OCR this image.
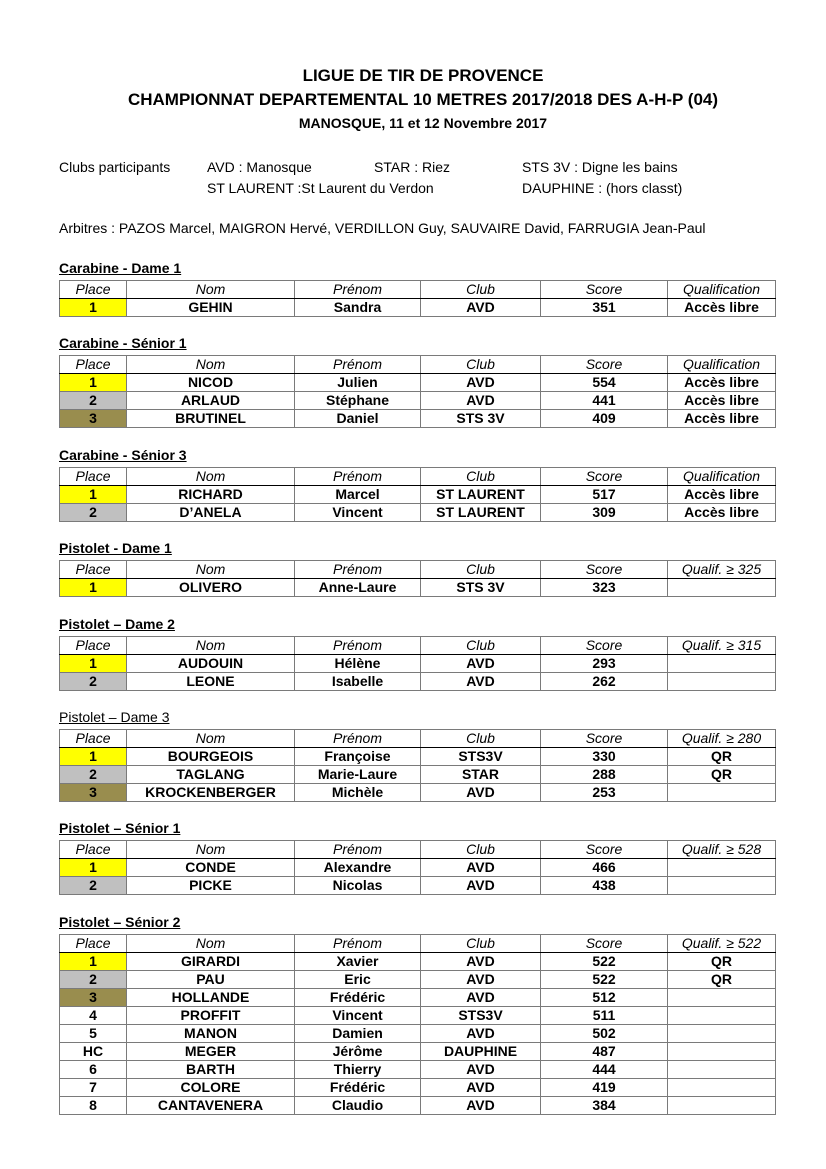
LIGUE DE TIR DE PROVENCE
CHAMPIONNAT DEPARTEMENTAL 10 METRES 2017/2018 DES A-H-P (04)
MANOSQUE, 11 et 12 Novembre 2017
Clubs participants	AVD : Manosque	STAR : Riez	STS 3V : Digne les bains
ST LAURENT :St Laurent du Verdon	DAUPHINE : (hors classt)
Arbitres : PAZOS Marcel, MAIGRON Hervé, VERDILLON Guy, SAUVAIRE David, FARRUGIA Jean-Paul
Carabine - Dame 1
Place	Nom	Prénom	Club	Score	Qualification
1	GEHIN	Sandra	AVD	351	Accès libre
Carabine - Sénior 1
Place	Nom	Prénom	Club	Score	Qualification
1	NICOD	Julien	AVD	554	Accès libre
2	ARLAUD	Stéphane	AVD	441	Accès libre
3	BRUTINEL	Daniel	STS 3V	409	Accès libre
Carabine - Sénior 3
Place	Nom	Prénom	Club	Score	Qualification
1	RICHARD	Marcel	ST LAURENT	517	Accès libre
2	D’ANELA	Vincent	ST LAURENT	309	Accès libre
Pistolet - Dame 1
Place	Nom	Prénom	Club	Score	Qualif. ≥ 325
1	OLIVERO	Anne-Laure	STS 3V	323	
Pistolet – Dame 2
Place	Nom	Prénom	Club	Score	Qualif. ≥ 315
1	AUDOUIN	Hélène	AVD	293	
2	LEONE	Isabelle	AVD	262	
Pistolet – Dame 3
Place	Nom	Prénom	Club	Score	Qualif. ≥ 280
1	BOURGEOIS	Françoise	STS3V	330	QR
2	TAGLANG	Marie-Laure	STAR	288	QR
3	KROCKENBERGER	Michèle	AVD	253	
Pistolet – Sénior 1
Place	Nom	Prénom	Club	Score	Qualif. ≥ 528
1	CONDE	Alexandre	AVD	466	
2	PICKE	Nicolas	AVD	438	
Pistolet – Sénior 2
Place	Nom	Prénom	Club	Score	Qualif. ≥ 522
1	GIRARDI	Xavier	AVD	522	QR
2	PAU	Eric	AVD	522	QR
3	HOLLANDE	Frédéric	AVD	512	
4	PROFFIT	Vincent	STS3V	511	
5	MANON	Damien	AVD	502	
HC	MEGER	Jérôme	DAUPHINE	487	
6	BARTH	Thierry	AVD	444	
7	COLORE	Frédéric	AVD	419	
8	CANTAVENERA	Claudio	AVD	384	
